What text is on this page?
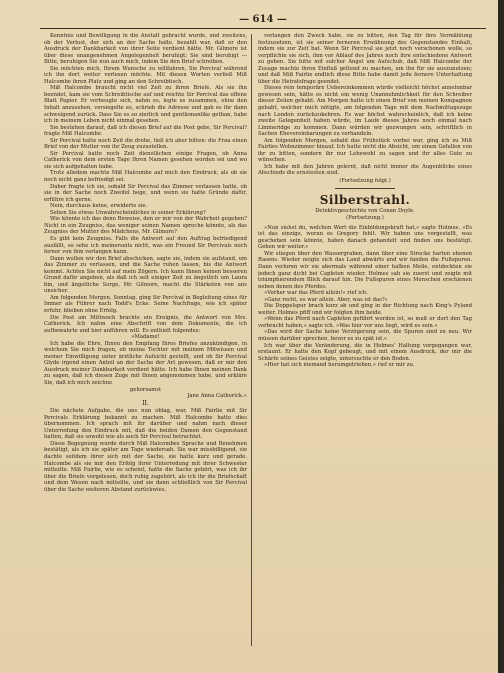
— 614 —

Kenntnis und Bewilligung in die Anstalt gebracht wurde, und zweitens, ob der Verlust, der sich an der Sache halte, bezahlt war, daß er den Ausdruck der Dankbarkeit von ihrer Seite verdient hätte. Mr. Gilmore ist über diese unangenehmen Angelegenheit beruhigt; Sie sind beruhigt — Bitte, beruhigen Sie nun auch mich, indem Sie den Brief schreiben.

Sie möchten mich, Ihrem Wunsche zu willfahren, Sie Percival während ich ihn dort weiter verlesen möchte. Mit diesen Worten verließ Miß Halcombe ihren Platz und ging an den Schreibtisch.

Miß Halcombe braucht nicht viel Zeit zu ihren Briefe. Als sie ihn beendet, kam sie vom Schreibtische auf und reichte Sir Percival das offene Blatt Papier. Er verbeugte sich, nahm es, legte es zusammen, ohne den Inhalt anzusehen, versiegelte es, schrieb die Adresse und gab es ihr dann schweigend zurück. Dass Sie es so zierlich und gentlemanlike gethan, habe ich in meinem Leben nicht einmal gesehen.

Sie bestehen darauf, daß ich diesen Brief auf die Post gebe, Sir Percival? fragte Miß Halcombe.

Sir Percival hatte noch Zeit die drohe, ließ ich aber bitten: die Frau einen Brief von der Mutter von ihr Zeug zuzustellen.

Sir Percival hatte noch Zeit dienstlichen einige Fragen, ob Anna Catherick von dem ersten Tage Ihren Namen gesehen worden sei und wo sie sich aufgehalten habe.

Trotz alledem machte Miß Halcombe auf mich den Eindruck, als ob sie noch nicht ganz befriedigt sei.

Daher fragte ich sie, sobald Sir Percival das Zimmer verlassen hatte, ob sie in der Sache noch Zweifel hege, und wenn sie hatte Gründe dafür, erführe ich gerne.

Nein, durchaus keine, erwiderte sie.

Sehen Sie etwas Unwahrscheinliches in seiner Erklärung?

Wie könnte ich das denn Beweise, den er mir von der Wahrheit gegeben? Nicht in ein Zeugniss, das weniger seinen Namen spreche könnte, als das Zeugniss der Mutter des Mädchens, Mr. Gilmore?

Es gibt kein Zeugniss. Falls die Antwort auf den Auftrag befriedigend ausfällt, so sehe ich meinerseits nicht, was ein Freund Sir Percivals noch ferner von ihm verlangen kann.

Dann wollen wir den Brief abschicken, sagte sie, indem sie aufstand, um das Zimmer zu verlassen, und die Sache ruhen lassen, bis die Antwort kommt. Achten Sie nicht auf mein Zögern. Ich kann Ihnen keinen besseren Grund dafür angeben, als daß ich seit einiger Zeit zu ängstlich um Laura bin, und ängstliche Sorge, Mr. Gilmore, macht die Stärksten von uns unsicher.

Am folgenden Morgen, Sonntag, ging Sir Percival in Begleitung eines für Immer als Führer nach Todd's Ecke. Seine Nachfrage, wie ich später erfuhr, blieben ohne Erfolg.

Die Post am Mittwoch brachte ein Ereignis, die Antwort von Mrs. Catherick. Ich nahm eine Abschrift von dem Dokumente, die ich aufbewahrte und hier anführen will. Es enthielt folgendes:

»Madame!

Ich habe die Ehre, Ihnen den Empfang Ihres Briefes anzukündigen, in welchem Sie mich fragen, ob meine Tochter mit meinem Mitwissen und meiner Einwilligung unter ärztliche Aufsicht gestellt, und ob Sir Percival Glyde irgend einen Anteil an der Sache der Art gewesen, daß er mir den Ausdruck meiner Dankbarkeit verdient hätte. Ich habe Ihnen meinen Dank zu sagen, daß ich diesen Zuge mit Ihnen angenommen habe, und erkläre Sie, daß ich mich zeichne

gehorsamst

Jane Anna Catherick.«

II.

Die nächste Aufgabe, die uns nun oblag, war, Miß Fairlie mit Sir Percivals Erklärung bekannt zu machen. Miß Halcombe hatte dies übernommen. Ich sprach mit ihr darüber und nahm nach dieser Unterredung den Eindruck mit, daß die beiden Damen den Gegenstand hatten, daß sie sowohl wie als auch Sir Percival betrachtet.

Diese Begegnung wurde durch Miß Halcombes Sprache und Benehmen bestätigt, als ich sie später am Tage wiedersah. Sie war missbilligend, sie dachte seitdem ihrer sich mit der Sache, sie hatte kurz und gerade. Halcombe als sie mir den Erfolg ihrer Unterredung mit ihrer Schwester mitteilte. Miß Fairlie, wie es scheint, hatte die Sache gehört, was ich ihr über die Briefe vorgelesen, doch ruhig zugehört, als ich ihr die Briefschaft und dem Wesen nach mitteilte, und sie dann schließlich von Sir Percival über die Sache weiteren Abstand zurückwies.

verlangen den Zweck habe, sie zu bitten, den Tag für ihre Vermählung festzusetzen, ist sie seiner ferneren Erwähnung des Gegenstandes Einhalt, indem sie zur Zeit bat. Wenn Sir Percival sie jetzt noch verschonen wolle, so verpflichte sie sich, ihm vor Ablauf des Jahres noch ihre entschiedene Antwort zu geben. Sie bitte mit solcher Angst um Aufschub, daß Miß Halcombe der Zusage machte ihren Einfluß geltend zu machen, um ihn für sie auszunutzen; und daß Miß Fairlie endlich diese Bitte habe damit jede fernere Unterhaltung über die Heiratsfrage geendet.

Dieses rein temporäre Uebereinkommen würde vielleicht höchst annehmbar gewesen sein, hätte es nicht ein wenig Unannehmlichkeit für den Schreiber dieser Zeilen gehabt. Am Morgen hatte ich einen Brief von meinen Kompagnon gehabt, welcher mich nötigte, am folgenden Tage mit dem Nachmittagszuge nach London zurückzukehren. Es war höchst wahrscheinlich, daß ich keine zweite Gelegenheit haben würde, im Laufe dieses Jahres noch einmal nach Limmeridge zu kommen. Dann würden wir gezwungen sein, schriftlich in Sachen Ehevereinbarungen zu verhandeln.

Am folgenden Morgen, sobald das Frühstück vorbei war, ging ich zu Miß Fairlies Wohnzimmer hinauf. Ich hatte nicht die Absicht, um einen Gefallen von ihr zu bitten, sondern ihr nur Lebewohl zu sagen und ihr alles Gute zu wünschen.

Ich habe mit den Jahren gelernt, daß nicht immer die Augenblicke eines Abschieds die ernstesten sind.

(Fortsetzung folgt.)

Silberstrahl.

Detektivgeschichte von Conan Doyle.

(Fortsetzung.)

»Nun siehst du, welchen Wert die Einbildungskraft hat,« sagte Holmes. »Es ist das einzige, woran es Gregory fehlt. Wir haben uns vorgestellt, was geschehen sein könnte, haben danach gehandelt und finden uns bestätigt. Gehen wir weiter.«

Wir stiegen über den Wassergraben, dann über eine Strecke harten ebenen Rasens. Wieder neigte sich das Land abwärts und wir fanden die Fußspuren. Dann verloren wir sie abermals während einer halben Meile, entdeckten sie jedoch ganz dicht bei Capleton wieder. Holmes sah sie zuerst und zeigte mit triumphierendem Blick darauf hin. Die Fußspuren eines Menschen erschienen neben denen des Pferdes.

»Vorher war das Pferd allein!« rief ich.

»Ganz recht, es war allein. Aber, was ist das?«

Die Doppelspur brach kurz ab und ging in der Richtung nach King's Pyland weiter. Holmes pfiff und wir folgten ihm beide.

»Wenn das Pferd nach Capleton geführt worden ist, so muß er dort den Tag verbracht haben,« sagte ich. »Was hier vor uns liegt, wird es sein.«

»Das wird der Sache keine Verzögerung sein, die Spuren sind zu neu. Wir müssen darüber sprechen, bevor es zu spät ist.«

Ich war über die Veränderung, die in Holmes' Haltung vorgegangen war, erstaunt. Er hatte den Kopf gebeugt, und mit einem Ausdruck, der mir die Schärfe seines Geistes zeigte, untersuchte er den Boden.

»Hier hat sich niemand herumgetrieben,« rief er mir zu.
